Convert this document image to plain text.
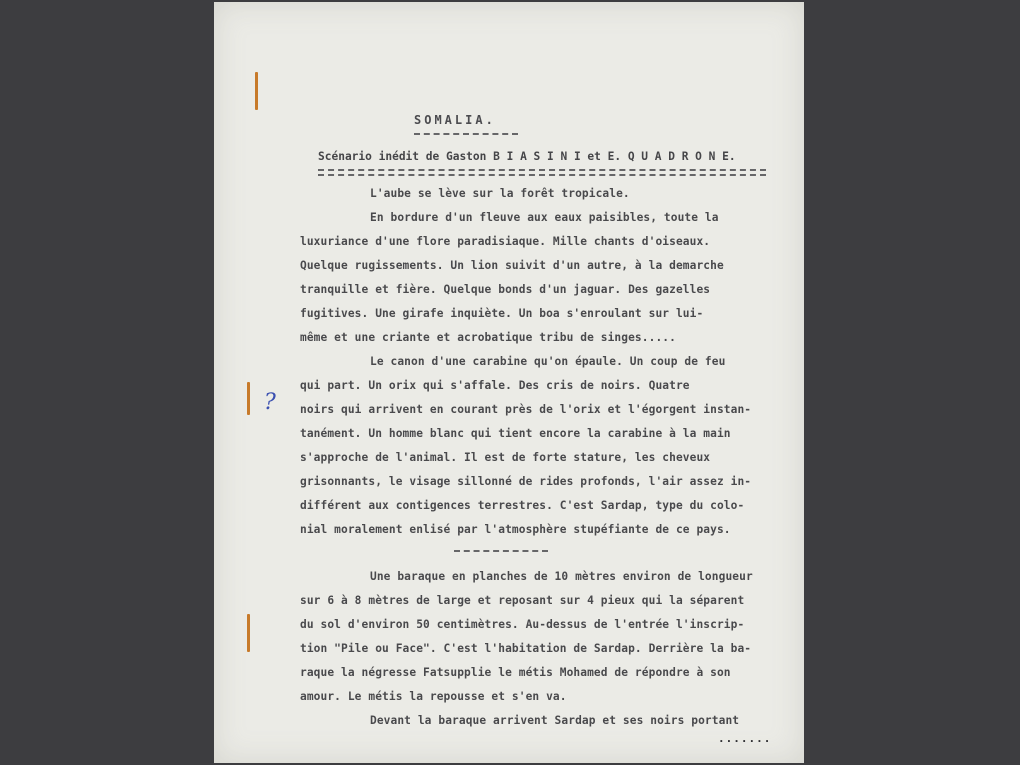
SOMALIA.
Scénario inédit de Gaston B I A S I N I et E. Q U A D R O N E.
L'aube se lève sur la forêt tropicale.
En bordure d'un fleuve aux eaux paisibles, toute la
luxuriance d'une flore paradisiaque. Mille chants d'oiseaux.
Quelque rugissements. Un lion suivit d'un autre, à la demarche
tranquille et fière. Quelque bonds d'un jaguar. Des gazelles
fugitives. Une girafe inquiète. Un boa s'enroulant sur lui-
même et une criante et acrobatique tribu de singes.....
Le canon d'une carabine qu'on épaule. Un coup de feu
qui part. Un orix qui s'affale. Des cris de noirs. Quatre
noirs qui arrivent en courant près de l'orix et l'égorgent instan-
tanément. Un homme blanc qui tient encore la carabine à la main
s'approche de l'animal. Il est de forte stature, les cheveux
grisonnants, le visage sillonné de rides profonds, l'air assez in-
différent aux contigences terrestres. C'est Sardap, type du colo-
nial moralement enlisé par l'atmosphère stupéfiante de ce pays.
Une baraque en planches de 10 mètres environ de longueur
sur 6 à 8 mètres de large et reposant sur 4 pieux qui la séparent
du sol d'environ 50 centimètres. Au-dessus de l'entrée l'inscrip-
tion "Pile ou Face". C'est l'habitation de Sardap. Derrière la ba-
raque la négresse Fatsupplie le métis Mohamed de répondre à son
amour. Le métis la repousse et s'en va.
Devant la baraque arrivent Sardap et ses noirs portant
.......
?
